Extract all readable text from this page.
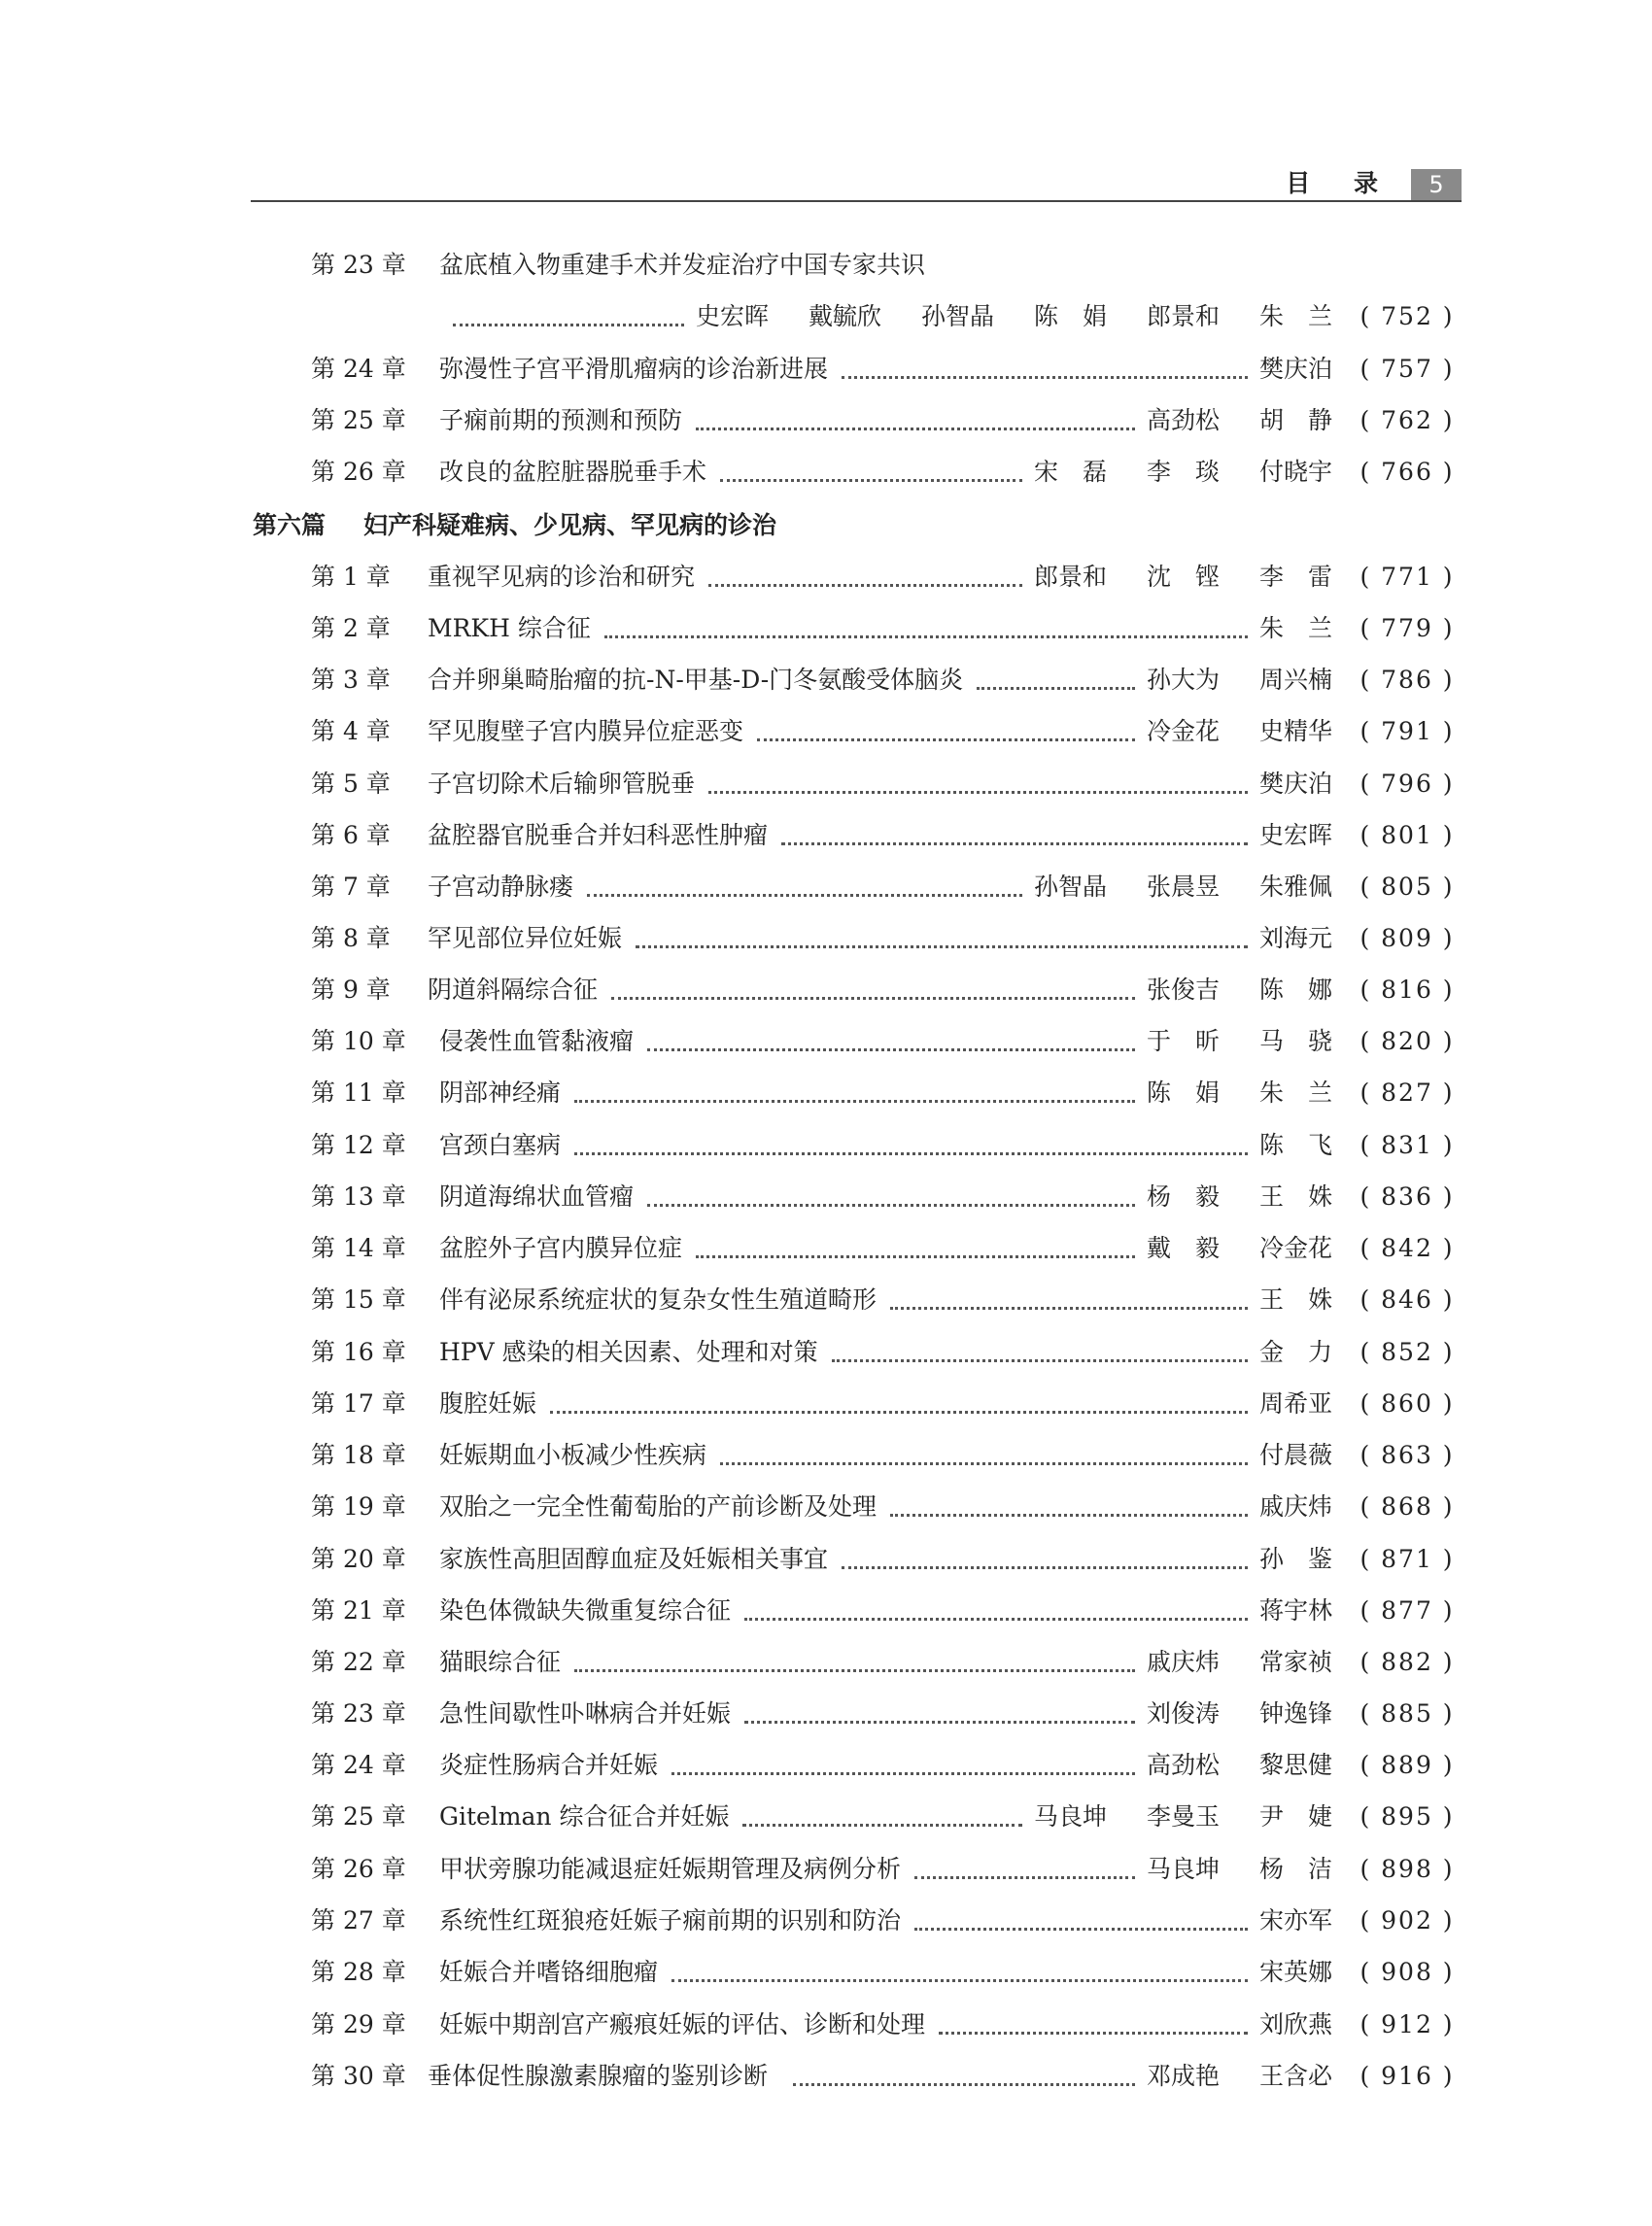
目 录	5
第 23 章 盆底植入物重建手术并发症治疗中国专家共识
史宏晖	戴毓欣	孙智晶	陈　娟	郎景和	朱　兰	( 752 )
第 24 章 弥漫性子宫平滑肌瘤病的诊治新进展	樊庆泊	( 757 )
第 25 章 子痫前期的预测和预防	高劲松	胡　静	( 762 )
第 26 章 改良的盆腔脏器脱垂手术	宋　磊	李　琰	付晓宇	( 766 )
第六篇 妇产科疑难病、少见病、罕见病的诊治
第 1 章 重视罕见病的诊治和研究	郎景和	沈　铿	李　雷	( 771 )
第 2 章 MRKH 综合征	朱　兰	( 779 )
第 3 章 合并卵巢畸胎瘤的抗-N-甲基-D-门冬氨酸受体脑炎	孙大为	周兴楠	( 786 )
第 4 章 罕见腹壁子宫内膜异位症恶变	冷金花	史精华	( 791 )
第 5 章 子宫切除术后输卵管脱垂	樊庆泊	( 796 )
第 6 章 盆腔器官脱垂合并妇科恶性肿瘤	史宏晖	( 801 )
第 7 章 子宫动静脉瘘	孙智晶	张晨昱	朱雅佩	( 805 )
第 8 章 罕见部位异位妊娠	刘海元	( 809 )
第 9 章 阴道斜隔综合征	张俊吉	陈　娜	( 816 )
第 10 章 侵袭性血管黏液瘤	于　昕	马　骁	( 820 )
第 11 章 阴部神经痛	陈　娟	朱　兰	( 827 )
第 12 章 宫颈白塞病	陈　飞	( 831 )
第 13 章 阴道海绵状血管瘤	杨　毅	王　姝	( 836 )
第 14 章 盆腔外子宫内膜异位症	戴　毅	冷金花	( 842 )
第 15 章 伴有泌尿系统症状的复杂女性生殖道畸形	王　姝	( 846 )
第 16 章 HPV 感染的相关因素、处理和对策	金　力	( 852 )
第 17 章 腹腔妊娠	周希亚	( 860 )
第 18 章 妊娠期血小板减少性疾病	付晨薇	( 863 )
第 19 章 双胎之一完全性葡萄胎的产前诊断及处理	戚庆炜	( 868 )
第 20 章 家族性高胆固醇血症及妊娠相关事宜	孙　鉴	( 871 )
第 21 章 染色体微缺失微重复综合征	蒋宇林	( 877 )
第 22 章 猫眼综合征	戚庆炜	常家祯	( 882 )
第 23 章 急性间歇性卟啉病合并妊娠	刘俊涛	钟逸锋	( 885 )
第 24 章 炎症性肠病合并妊娠	高劲松	黎思健	( 889 )
第 25 章 Gitelman 综合征合并妊娠	马良坤	李曼玉	尹　婕	( 895 )
第 26 章 甲状旁腺功能减退症妊娠期管理及病例分析	马良坤	杨　洁	( 898 )
第 27 章 系统性红斑狼疮妊娠子痫前期的识别和防治	宋亦军	( 902 )
第 28 章 妊娠合并嗜铬细胞瘤	宋英娜	( 908 )
第 29 章 妊娠中期剖宫产瘢痕妊娠的评估、诊断和处理	刘欣燕	( 912 )
第 30 章 垂体促性腺激素腺瘤的鉴别诊断	邓成艳	王含必	( 916 )
